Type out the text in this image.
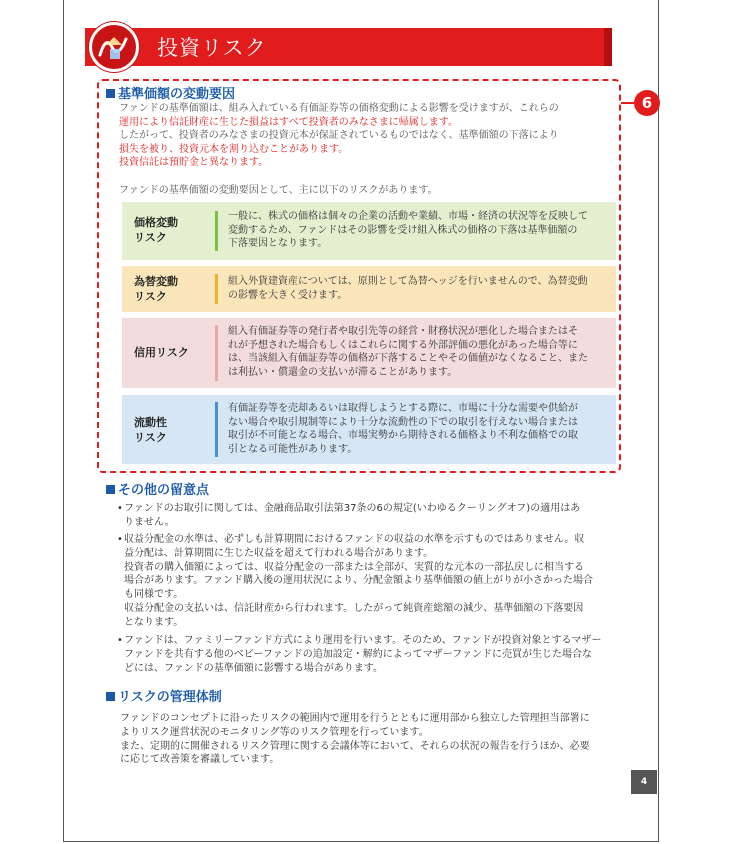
投資リスク
6
基準価額の変動要因
ファンドの基準価額は、組み入れている有価証券等の価格変動による影響を受けますが、これらの
運用により信託財産に生じた損益はすべて投資者のみなさまに帰属します。
したがって、投資者のみなさまの投資元本が保証されているものではなく、基準価額の下落により
損失を被り、投資元本を割り込むことがあります。
投資信託は預貯金と異なります。
ファンドの基準価額の変動要因として、主に以下のリスクがあります。
価格変動
リスク
一般に、株式の価格は個々の企業の活動や業績、市場・経済の状況等を反映して
変動するため、ファンドはその影響を受け組入株式の価格の下落は基準価額の
下落要因となります。
為替変動
リスク
組入外貨建資産については、原則として為替ヘッジを行いませんので、為替変動
の影響を大きく受けます。
信用リスク
組入有価証券等の発行者や取引先等の経営・財務状況が悪化した場合またはそ
れが予想された場合もしくはこれらに関する外部評価の悪化があった場合等に
は、当該組入有価証券等の価格が下落することやその価値がなくなること、また
は利払い・償還金の支払いが滞ることがあります。
流動性
リスク
有価証券等を売却あるいは取得しようとする際に、市場に十分な需要や供給が
ない場合や取引規制等により十分な流動性の下での取引を行えない場合または
取引が不可能となる場合、市場実勢から期待される価格より不利な価格での取
引となる可能性があります。
その他の留意点
• ファンドのお取引に関しては、金融商品取引法第37条の6の規定(いわゆるクーリングオフ)の適用はあ
りません。
• 収益分配金の水準は、必ずしも計算期間におけるファンドの収益の水準を示すものではありません。収
益分配は、計算期間に生じた収益を超えて行われる場合があります。
投資者の購入価額によっては、収益分配金の一部または全部が、実質的な元本の一部払戻しに相当する
場合があります。ファンド購入後の運用状況により、分配金額より基準価額の値上がりが小さかった場合
も同様です。
収益分配金の支払いは、信託財産から行われます。したがって純資産総額の減少、基準価額の下落要因
となります。
• ファンドは、ファミリーファンド方式により運用を行います。そのため、ファンドが投資対象とするマザー
ファンドを共有する他のベビーファンドの追加設定・解約によってマザーファンドに売買が生じた場合な
どには、ファンドの基準価額に影響する場合があります。
リスクの管理体制
ファンドのコンセプトに沿ったリスクの範囲内で運用を行うとともに運用部から独立した管理担当部署に
よりリスク運営状況のモニタリング等のリスク管理を行っています。
また、定期的に開催されるリスク管理に関する会議体等において、それらの状況の報告を行うほか、必要
に応じて改善策を審議しています。
4
